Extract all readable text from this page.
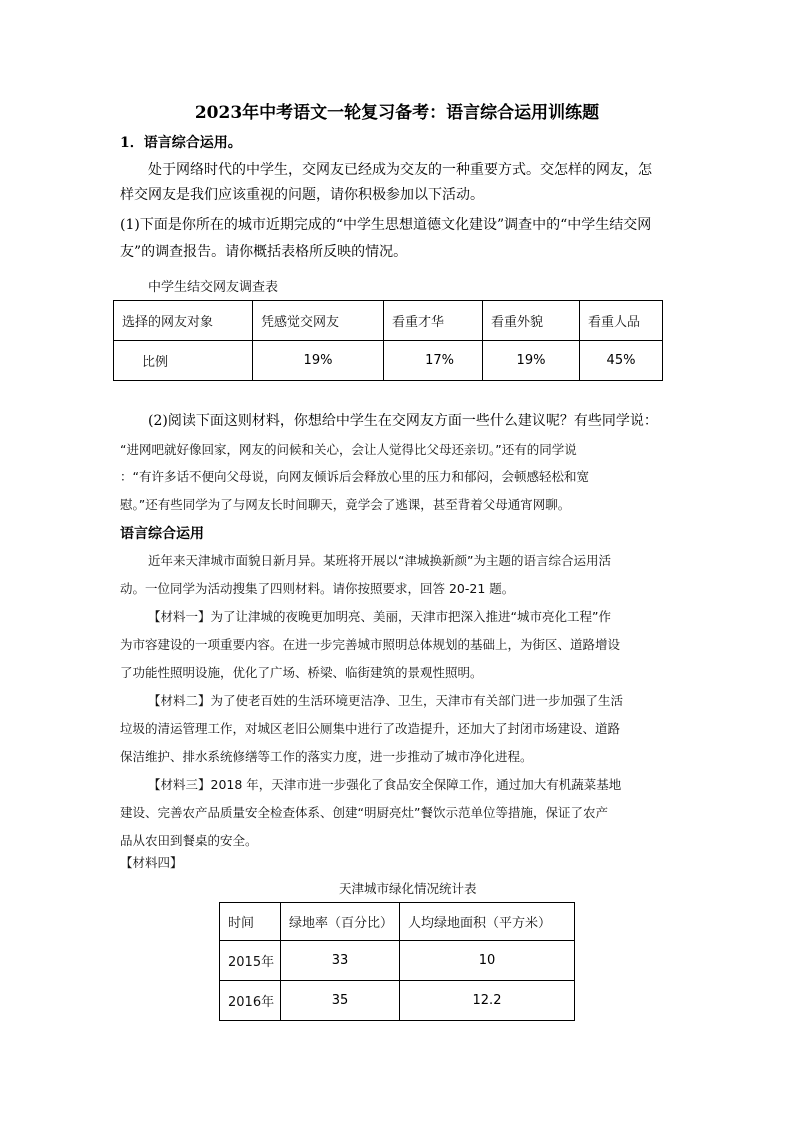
2023年中考语文一轮复习备考：语言综合运用训练题
1．语言综合运用。
处于网络时代的中学生，交网友已经成为交友的一种重要方式。交怎样的网友，怎
样交网友是我们应该重视的问题，请你积极参加以下活动。
(1)下面是你所在的城市近期完成的“中学生思想道德文化建设”调查中的“中学生结交网
友”的调查报告。请你概括表格所反映的情况。
中学生结交网友调查表
选择的网友对象	凭感觉交网友	看重才华	看重外貌	看重人品
比例	19%	17%	19%	45%
(2)阅读下面这则材料，你想给中学生在交网友方面一些什么建议呢？有些同学说：
“进网吧就好像回家，网友的问候和关心，会让人觉得比父母还亲切。”还有的同学说
：“有许多话不便向父母说，向网友倾诉后会释放心里的压力和郁闷，会顿感轻松和宽
慰。”还有些同学为了与网友长时间聊天，竟学会了逃课，甚至背着父母通宵网聊。
语言综合运用
近年来天津城市面貌日新月异。某班将开展以“津城换新颜”为主题的语言综合运用活
动。一位同学为活动搜集了四则材料。请你按照要求，回答 20-21 题。
【材料一】为了让津城的夜晚更加明亮、美丽，天津市把深入推进“城市亮化工程”作
为市容建设的一项重要内容。在进一步完善城市照明总体规划的基础上，为街区、道路增设
了功能性照明设施，优化了广场、桥梁、临街建筑的景观性照明。
【材料二】为了使老百姓的生活环境更洁净、卫生，天津市有关部门进一步加强了生活
垃圾的清运管理工作，对城区老旧公厕集中进行了改造提升，还加大了封闭市场建设、道路
保洁维护、排水系统修缮等工作的落实力度，进一步推动了城市净化进程。
【材料三】2018 年，天津市进一步强化了食品安全保障工作，通过加大有机蔬菜基地
建设、完善农产品质量安全检查体系、创建“明厨亮灶”餐饮示范单位等措施，保证了农产
品从农田到餐桌的安全。
【材料四】
天津城市绿化情况统计表
时间	绿地率（百分比）	人均绿地面积（平方米）
2015年	33	10
2016年	35	12.2
